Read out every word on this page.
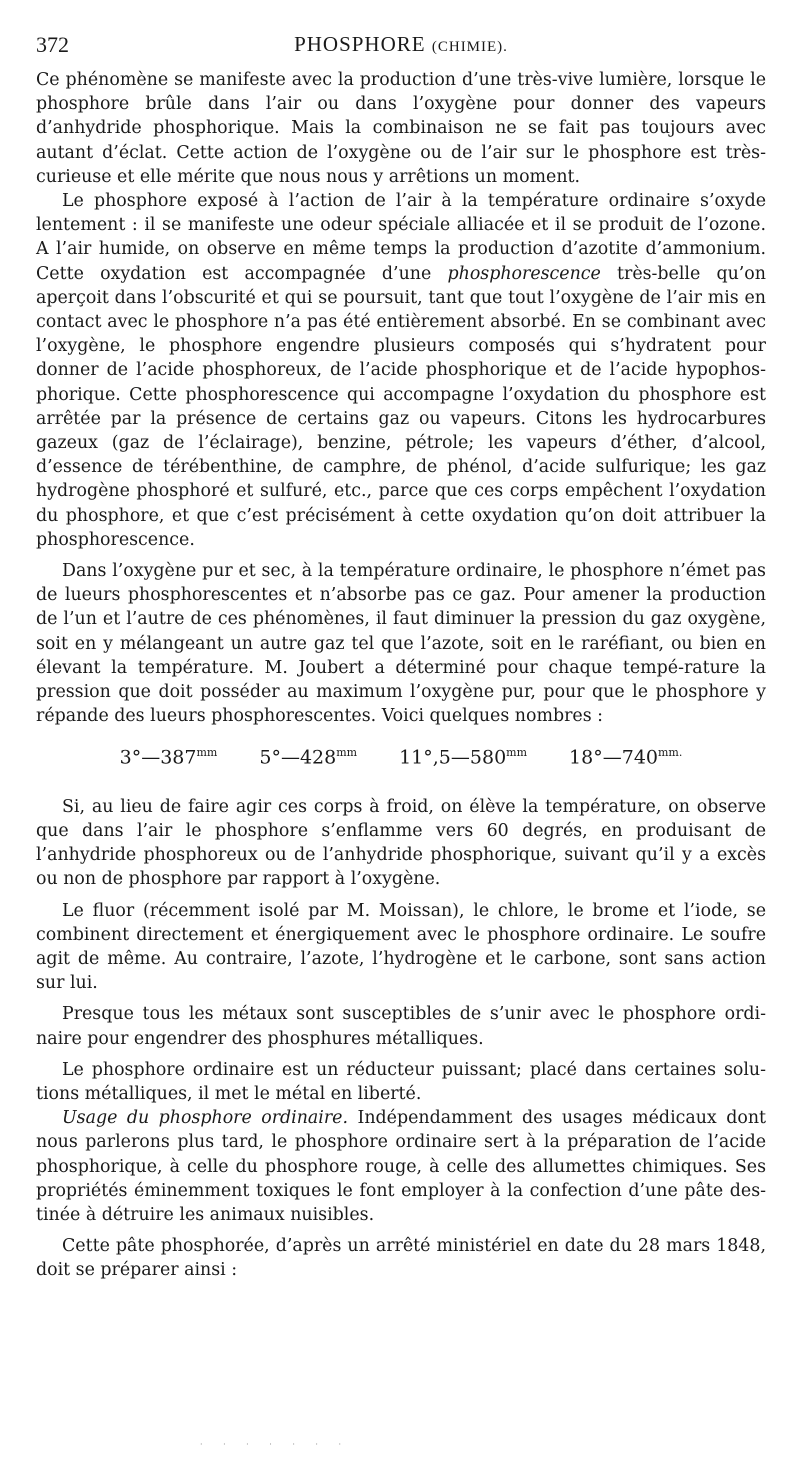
372	PHOSPHORE (CHIMIE).

Ce phénomène se manifeste avec la production d’une très-vive lumière, lorsque le phosphore brûle dans l’air ou dans l’oxygène pour donner des vapeurs d’anhydride phosphorique. Mais la combinaison ne se fait pas toujours avec autant d’éclat. Cette action de l’oxygène ou de l’air sur le phosphore est très-curieuse et elle mérite que nous nous y arrêtions un moment.

Le phosphore exposé à l’action de l’air à la température ordinaire s’oxyde lentement : il se manifeste une odeur spéciale alliacée et il se produit de l’ozone. A l’air humide, on observe en même temps la production d’azotite d’ammonium. Cette oxydation est accompagnée d’une phosphorescence très-belle qu’on aperçoit dans l’obscurité et qui se poursuit, tant que tout l’oxygène de l’air mis en contact avec le phosphore n’a pas été entièrement absorbé. En se combinant avec l’oxygène, le phosphore engendre plusieurs composés qui s’hydratent pour donner de l’acide phosphoreux, de l’acide phosphorique et de l’acide hypophos-phorique. Cette phosphorescence qui accompagne l’oxydation du phosphore est arrêtée par la présence de certains gaz ou vapeurs. Citons les hydrocarbures gazeux (gaz de l’éclairage), benzine, pétrole; les vapeurs d’éther, d’alcool, d’essence de térébenthine, de camphre, de phénol, d’acide sulfurique; les gaz hydrogène phosphoré et sulfuré, etc., parce que ces corps empêchent l’oxydation du phosphore, et que c’est précisément à cette oxydation qu’on doit attribuer la phosphorescence.

Dans l’oxygène pur et sec, à la température ordinaire, le phosphore n’émet pas de lueurs phosphorescentes et n’absorbe pas ce gaz. Pour amener la production de l’un et l’autre de ces phénomènes, il faut diminuer la pression du gaz oxygène, soit en y mélangeant un autre gaz tel que l’azote, soit en le raréfiant, ou bien en élevant la température. M. Joubert a déterminé pour chaque tempé-rature la pression que doit posséder au maximum l’oxygène pur, pour que le phosphore y répande des lueurs phosphorescentes. Voici quelques nombres :

$3^\circ—387^{mm}$ $5^\circ—428^{mm}$ $11^\circ,5—580^{mm}$ $18^\circ—740^{mm.}$

Si, au lieu de faire agir ces corps à froid, on élève la température, on observe que dans l’air le phosphore s’enflamme vers 60 degrés, en produisant de l’anhydride phosphoreux ou de l’anhydride phosphorique, suivant qu’il y a excès ou non de phosphore par rapport à l’oxygène.

Le fluor (récemment isolé par M. Moissan), le chlore, le brome et l’iode, se combinent directement et énergiquement avec le phosphore ordinaire. Le soufre agit de même. Au contraire, l’azote, l’hydrogène et le carbone, sont sans action sur lui.

Presque tous les métaux sont susceptibles de s’unir avec le phosphore ordi-naire pour engendrer des phosphures métalliques.

Le phosphore ordinaire est un réducteur puissant; placé dans certaines solu-tions métalliques, il met le métal en liberté.

Usage du phosphore ordinaire. Indépendamment des usages médicaux dont nous parlerons plus tard, le phosphore ordinaire sert à la préparation de l’acide phosphorique, à celle du phosphore rouge, à celle des allumettes chimiques. Ses propriétés éminemment toxiques le font employer à la confection d’une pâte des-tinée à détruire les animaux nuisibles.

Cette pâte phosphorée, d’après un arrêté ministériel en date du 28 mars 1848, doit se préparer ainsi :

· · · · · · ·
